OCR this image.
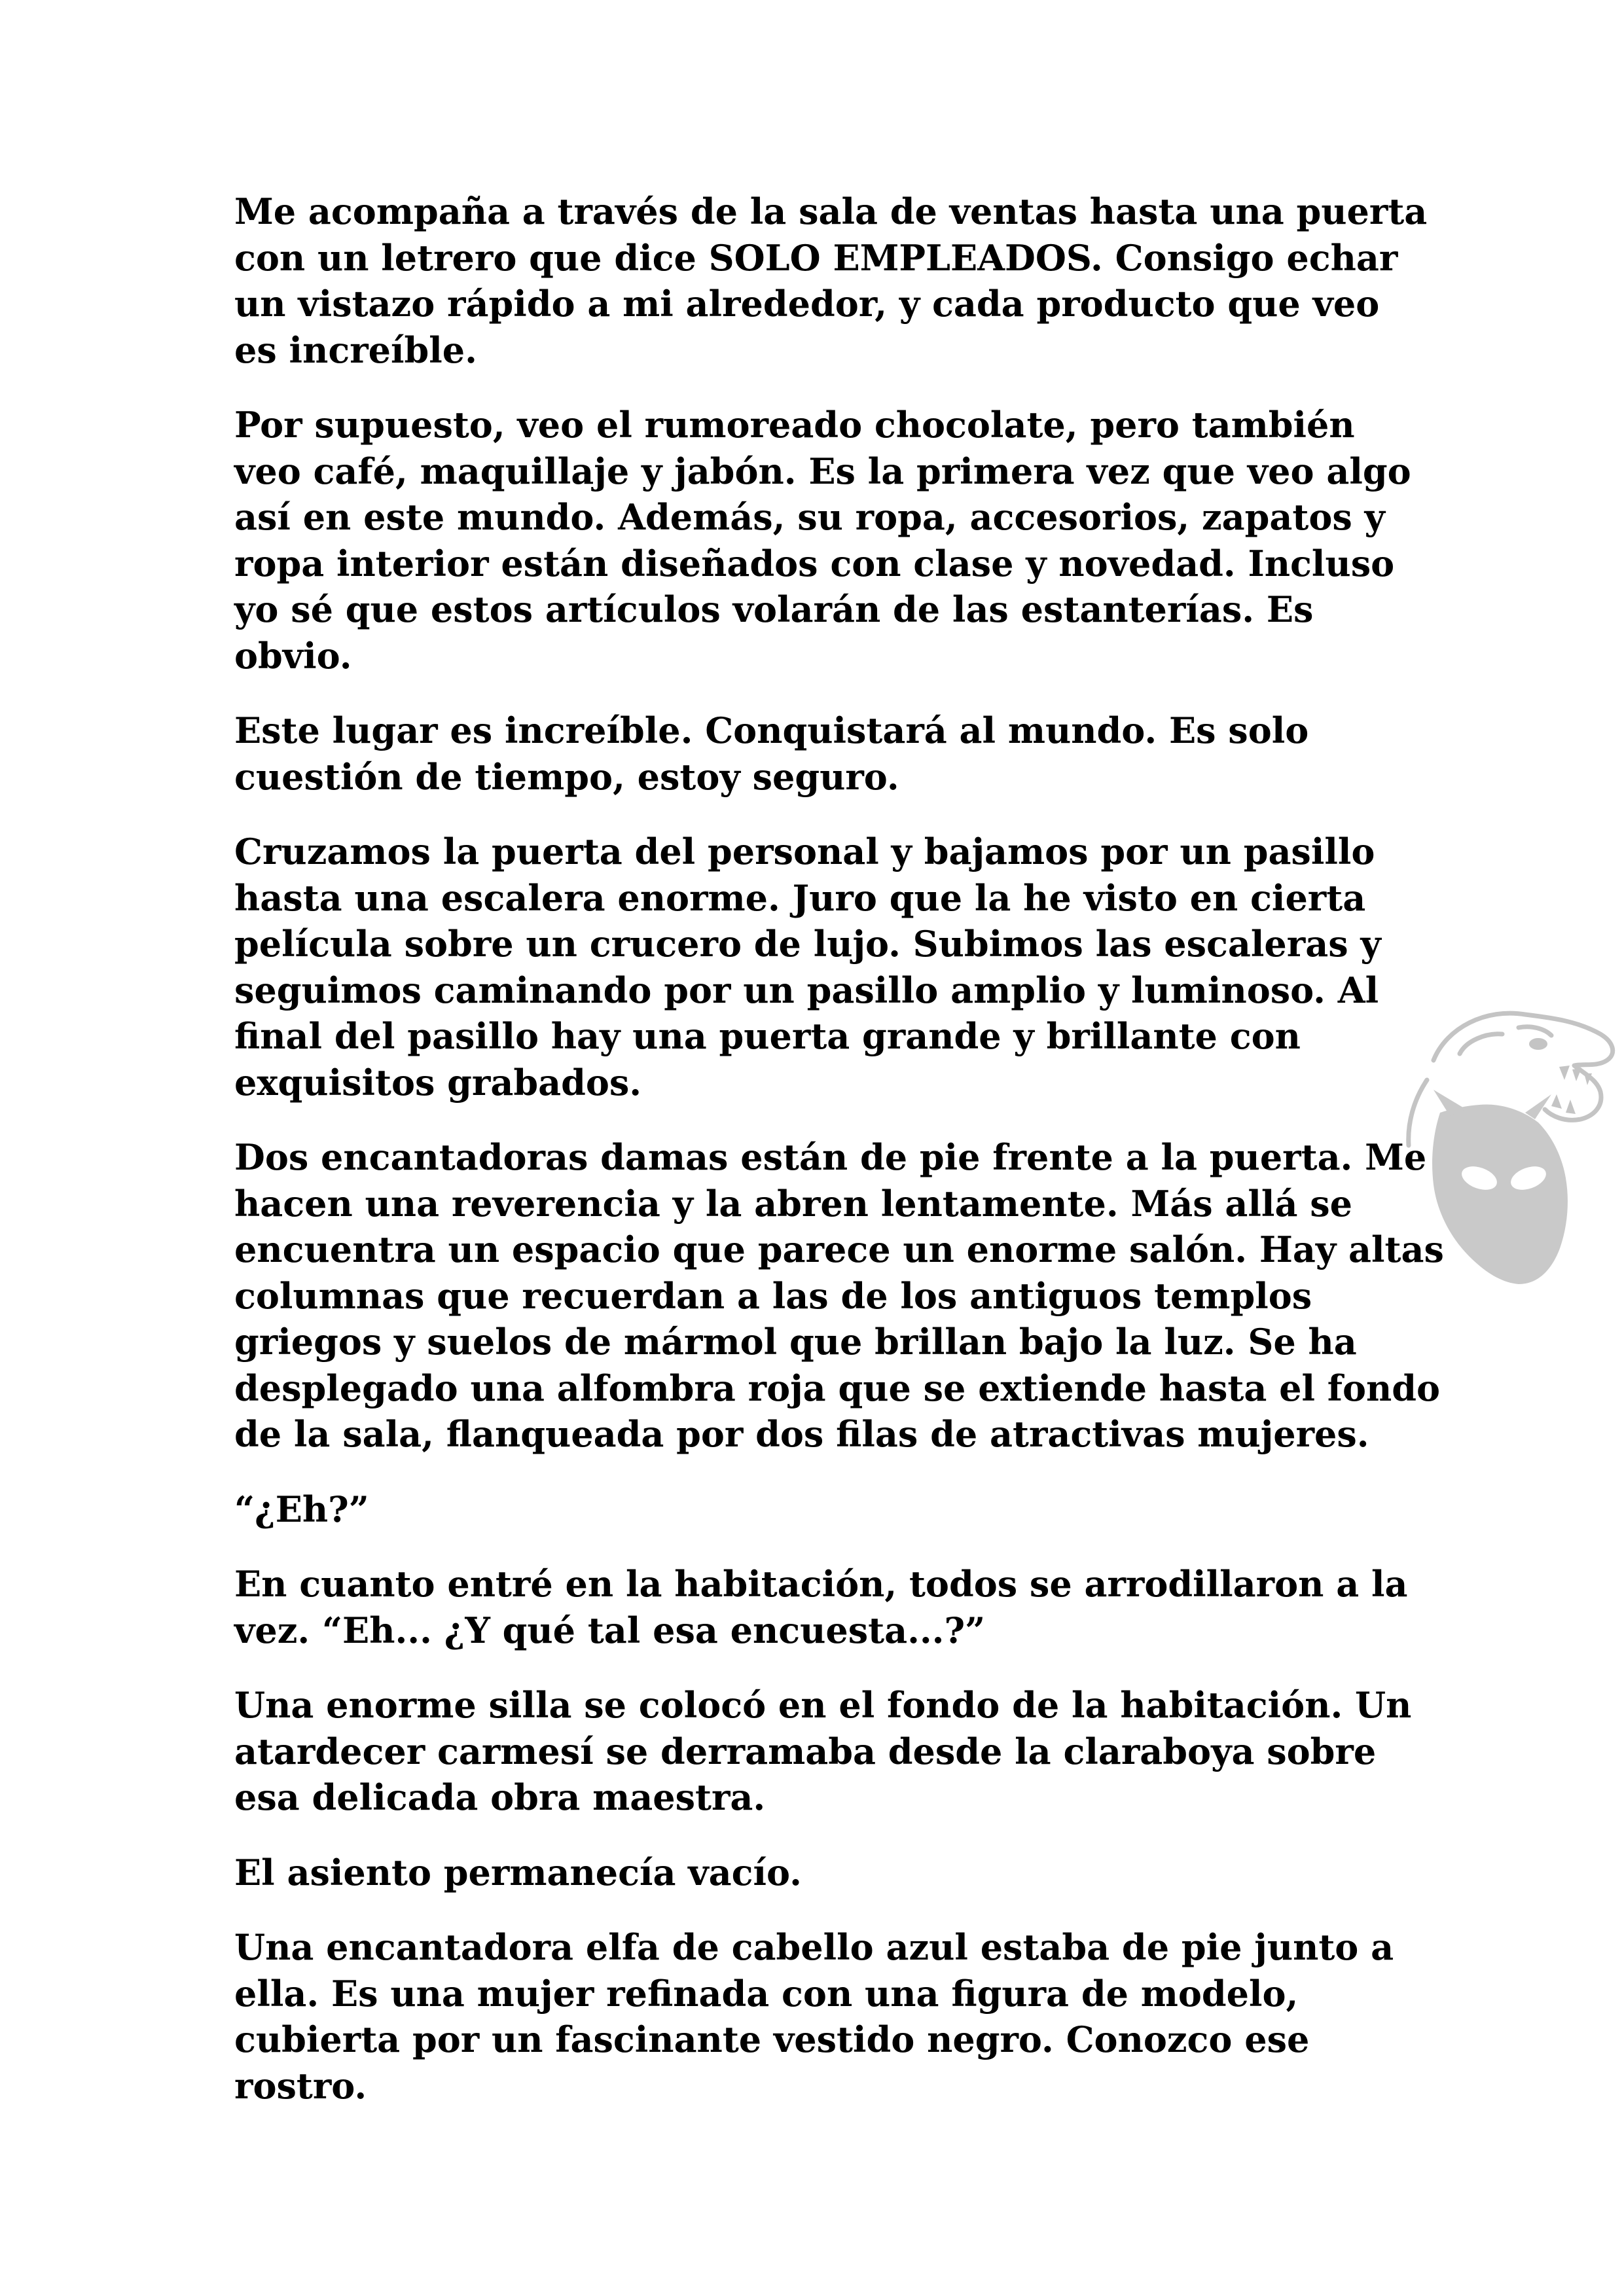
Me acompaña a través de la sala de ventas hasta una puerta
con un letrero que dice SOLO EMPLEADOS. Consigo echar
un vistazo rápido a mi alrededor, y cada producto que veo
es increíble.

Por supuesto, veo el rumoreado chocolate, pero también
veo café, maquillaje y jabón. Es la primera vez que veo algo
así en este mundo. Además, su ropa, accesorios, zapatos y
ropa interior están diseñados con clase y novedad. Incluso
yo sé que estos artículos volarán de las estanterías. Es
obvio.

Este lugar es increíble. Conquistará al mundo. Es solo
cuestión de tiempo, estoy seguro.

Cruzamos la puerta del personal y bajamos por un pasillo
hasta una escalera enorme. Juro que la he visto en cierta
película sobre un crucero de lujo. Subimos las escaleras y
seguimos caminando por un pasillo amplio y luminoso. Al
final del pasillo hay una puerta grande y brillante con
exquisitos grabados.

Dos encantadoras damas están de pie frente a la puerta. Me
hacen una reverencia y la abren lentamente. Más allá se
encuentra un espacio que parece un enorme salón. Hay altas
columnas que recuerdan a las de los antiguos templos
griegos y suelos de mármol que brillan bajo la luz. Se ha
desplegado una alfombra roja que se extiende hasta el fondo
de la sala, flanqueada por dos filas de atractivas mujeres.

“¿Eh?”

En cuanto entré en la habitación, todos se arrodillaron a la
vez. “Eh... ¿Y qué tal esa encuesta...?”

Una enorme silla se colocó en el fondo de la habitación. Un
atardecer carmesí se derramaba desde la claraboya sobre
esa delicada obra maestra.

El asiento permanecía vacío.

Una encantadora elfa de cabello azul estaba de pie junto a
ella. Es una mujer refinada con una figura de modelo,
cubierta por un fascinante vestido negro. Conozco ese
rostro.
